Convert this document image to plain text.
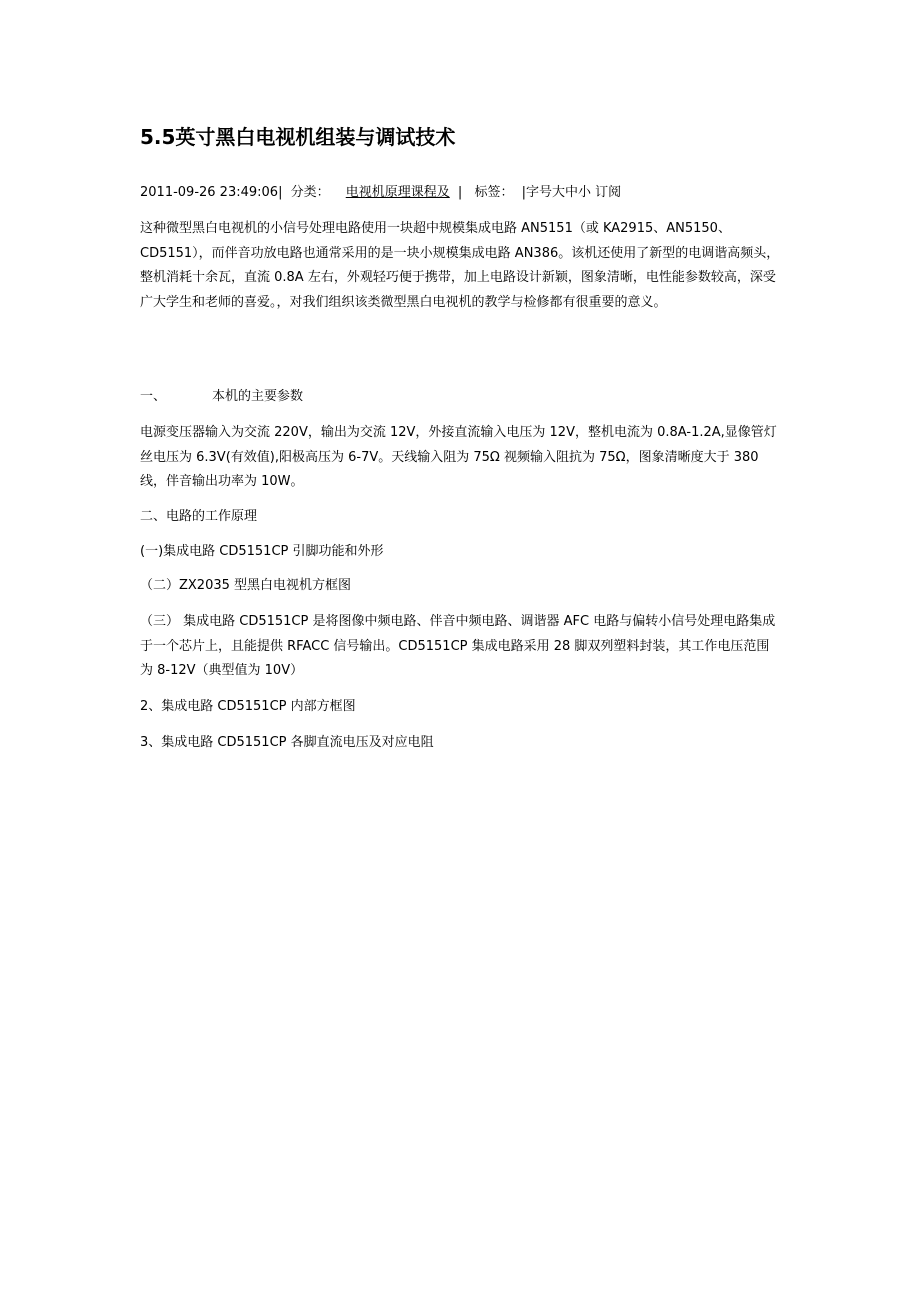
5.5英寸黑白电视机组装与调试技术
2011-09-26 23:49:06| 分类： 电视机原理课程及 | 标签： |字号大中小 订阅

这种微型黑白电视机的小信号处理电路使用一块超中规模集成电路 AN5151（或 KA2915、AN5150、CD5151），而伴音功放电路也通常采用的是一块小规模集成电路 AN386。该机还使用了新型的电调谐高频头，整机消耗十余瓦，直流 0.8A 左右，外观轻巧便于携带，加上电路设计新颖，图象清晰，电性能参数较高，深受广大学生和老师的喜爱。，对我们组织该类微型黑白电视机的教学与检修都有很重要的意义。

一、	本机的主要参数

电源变压器输入为交流 220V，输出为交流 12V，外接直流输入电压为 12V，整机电流为 0.8A-1.2A,显像管灯丝电压为 6.3V(有效值),阳极高压为 6-7V。天线输入阻为 75Ω 视频输入阻抗为 75Ω，图象清晰度大于 380 线，伴音输出功率为 10W。

二、电路的工作原理
(一)集成电路 CD5151CP 引脚功能和外形
（二）ZX2035 型黑白电视机方框图

（三） 集成电路 CD5151CP 是将图像中频电路、伴音中频电路、调谐器 AFC 电路与偏转小信号处理电路集成于一个芯片上，且能提供 RFACC 信号输出。CD5151CP 集成电路采用 28 脚双列塑料封装，其工作电压范围为 8-12V（典型值为 10V）

2、集成电路 CD5151CP 内部方框图
3、集成电路 CD5151CP 各脚直流电压及对应电阻
